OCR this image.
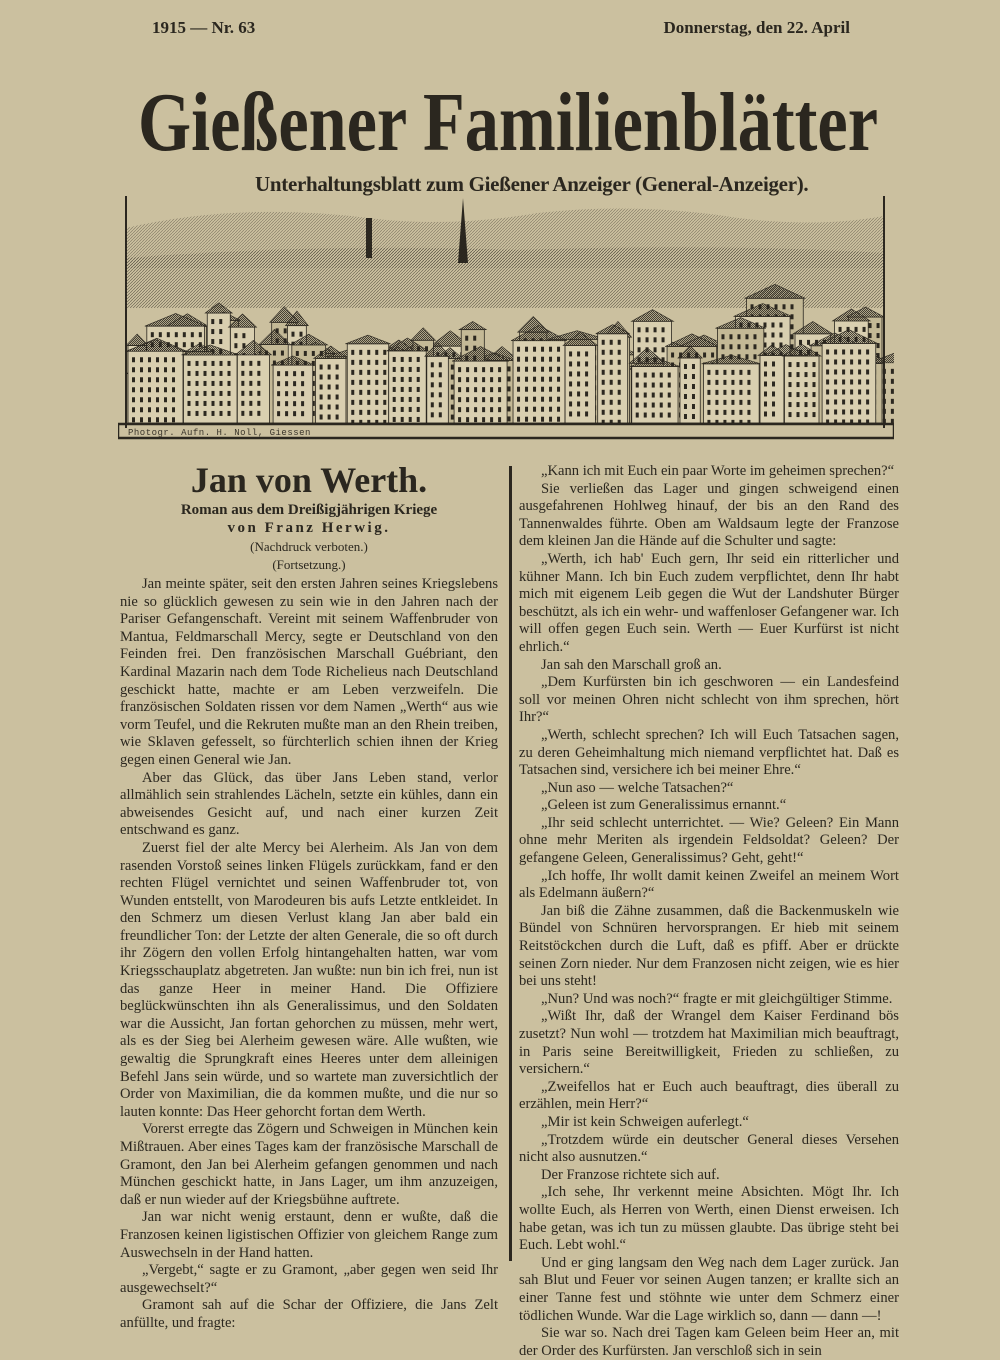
1915 — Nr. 63	Donnerstag, den 22. April
Gießener Familienblätter
Unterhaltungsblatt zum Gießener Anzeiger (General-Anzeiger).
Photogr. Aufn. H. Noll, Giessen
Jan von Werth.
Roman aus dem Dreißigjährigen Kriege
von Franz Herwig.
(Nachdruck verboten.)
(Fortsetzung.)

Jan meinte später, seit den ersten Jahren seines Kriegslebens nie so glücklich gewesen zu sein wie in den Jahren nach der Pariser Gefangenschaft. Vereint mit seinem Waffenbruder von Mantua, Feldmarschall Mercy, segte er Deutschland von den Feinden frei. Den französischen Marschall Guébriant, den Kardinal Mazarin nach dem Tode Richelieus nach Deutschland geschickt hatte, machte er am Leben verzweifeln. Die französischen Soldaten rissen vor dem Namen „Werth“ aus wie vorm Teufel, und die Rekruten mußte man an den Rhein treiben, wie Sklaven gefesselt, so fürchterlich schien ihnen der Krieg gegen einen General wie Jan.

Aber das Glück, das über Jans Leben stand, verlor allmählich sein strahlendes Lächeln, setzte ein kühles, dann ein abweisendes Gesicht auf, und nach einer kurzen Zeit entschwand es ganz.

Zuerst fiel der alte Mercy bei Alerheim. Als Jan von dem rasenden Vorstoß seines linken Flügels zurückkam, fand er den rechten Flügel vernichtet und seinen Waffenbruder tot, von Wunden entstellt, von Marodeuren bis aufs Letzte entkleidet. In den Schmerz um diesen Verlust klang Jan aber bald ein freundlicher Ton: der Letzte der alten Generale, die so oft durch ihr Zögern den vollen Erfolg hintangehalten hatten, war vom Kriegsschauplatz abgetreten. Jan wußte: nun bin ich frei, nun ist das ganze Heer in meiner Hand. Die Offiziere beglückwünschten ihn als Generalissimus, und den Soldaten war die Aussicht, Jan fortan gehorchen zu müssen, mehr wert, als es der Sieg bei Alerheim gewesen wäre. Alle wußten, wie gewaltig die Sprungkraft eines Heeres unter dem alleinigen Befehl Jans sein würde, und so wartete man zuversichtlich der Order von Maximilian, die da kommen mußte, und die nur so lauten konnte: Das Heer gehorcht fortan dem Werth.

Vorerst erregte das Zögern und Schweigen in München kein Mißtrauen. Aber eines Tages kam der französische Marschall de Gramont, den Jan bei Alerheim gefangen genommen und nach München geschickt hatte, in Jans Lager, um ihm anzuzeigen, daß er nun wieder auf der Kriegsbühne auftrete.

Jan war nicht wenig erstaunt, denn er wußte, daß die Franzosen keinen ligistischen Offizier von gleichem Range zum Auswechseln in der Hand hatten.

„Vergebt,“ sagte er zu Gramont, „aber gegen wen seid Ihr ausgewechselt?“

Gramont sah auf die Schar der Offiziere, die Jans Zelt anfüllte, und fragte:

„Kann ich mit Euch ein paar Worte im geheimen sprechen?“

Sie verließen das Lager und gingen schweigend einen ausgefahrenen Hohlweg hinauf, der bis an den Rand des Tannenwaldes führte. Oben am Waldsaum legte der Franzose dem kleinen Jan die Hände auf die Schulter und sagte:

„Werth, ich hab' Euch gern, Ihr seid ein ritterlicher und kühner Mann. Ich bin Euch zudem verpflichtet, denn Ihr habt mich mit eigenem Leib gegen die Wut der Landshuter Bürger beschützt, als ich ein wehr- und waffenloser Gefangener war. Ich will offen gegen Euch sein. Werth — Euer Kurfürst ist nicht ehrlich.“

Jan sah den Marschall groß an.

„Dem Kurfürsten bin ich geschworen — ein Landesfeind soll vor meinen Ohren nicht schlecht von ihm sprechen, hört Ihr?“

„Werth, schlecht sprechen? Ich will Euch Tatsachen sagen, zu deren Geheimhaltung mich niemand verpflichtet hat. Daß es Tatsachen sind, versichere ich bei meiner Ehre.“

„Nun aso — welche Tatsachen?“

„Geleen ist zum Generalissimus ernannt.“

„Ihr seid schlecht unterrichtet. — Wie? Geleen? Ein Mann ohne mehr Meriten als irgendein Feldsoldat? Geleen? Der gefangene Geleen, Generalissimus? Geht, geht!“

„Ich hoffe, Ihr wollt damit keinen Zweifel an meinem Wort als Edelmann äußern?“

Jan biß die Zähne zusammen, daß die Backenmuskeln wie Bündel von Schnüren hervorsprangen. Er hieb mit seinem Reitstöckchen durch die Luft, daß es pfiff. Aber er drückte seinen Zorn nieder. Nur dem Franzosen nicht zeigen, wie es hier bei uns steht!

„Nun? Und was noch?“ fragte er mit gleichgültiger Stimme.

„Wißt Ihr, daß der Wrangel dem Kaiser Ferdinand bös zusetzt? Nun wohl — trotzdem hat Maximilian mich beauftragt, in Paris seine Bereitwilligkeit, Frieden zu schließen, zu versichern.“

„Zweifellos hat er Euch auch beauftragt, dies überall zu erzählen, mein Herr?“

„Mir ist kein Schweigen auferlegt.“

„Trotzdem würde ein deutscher General dieses Versehen nicht also ausnutzen.“

Der Franzose richtete sich auf.

„Ich sehe, Ihr verkennt meine Absichten. Mögt Ihr. Ich wollte Euch, als Herren von Werth, einen Dienst erweisen. Ich habe getan, was ich tun zu müssen glaubte. Das übrige steht bei Euch. Lebt wohl.“

Und er ging langsam den Weg nach dem Lager zurück. Jan sah Blut und Feuer vor seinen Augen tanzen; er krallte sich an einer Tanne fest und stöhnte wie unter dem Schmerz einer tödlichen Wunde. War die Lage wirklich so, dann — dann —!

Sie war so. Nach drei Tagen kam Geleen beim Heer an, mit der Order des Kurfürsten. Jan verschloß sich in sein
